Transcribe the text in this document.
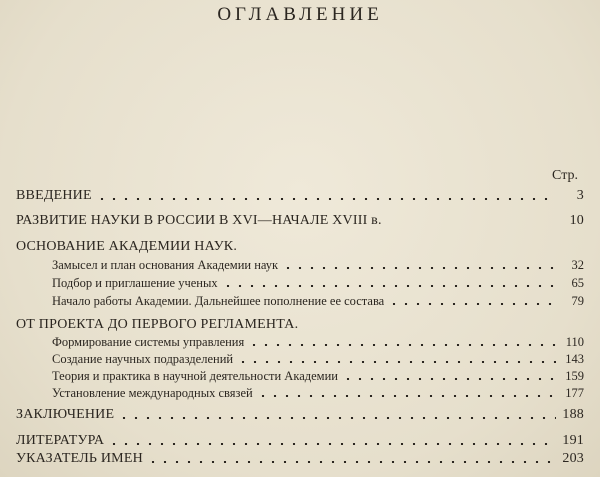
ОГЛАВЛЕНИЕ
Стр.
ВВЕДЕНИЕ	3
РАЗВИТИЕ НАУКИ В РОССИИ В XVI—НАЧАЛЕ XVIII в.	10
ОСНОВАНИЕ АКАДЕМИИ НАУК.
Замысел и план основания Академии наук	32
Подбор и приглашение ученых	65
Начало работы Академии. Дальнейшее пополнение ее состава	79
ОТ ПРОЕКТА ДО ПЕРВОГО РЕГЛАМЕНТА.
Формирование системы управления	110
Создание научных подразделений	143
Теория и практика в научной деятельности Академии	159
Установление международных связей	177
ЗАКЛЮЧЕНИЕ	188
ЛИТЕРАТУРА	191
УКАЗАТЕЛЬ ИМЕН	203
